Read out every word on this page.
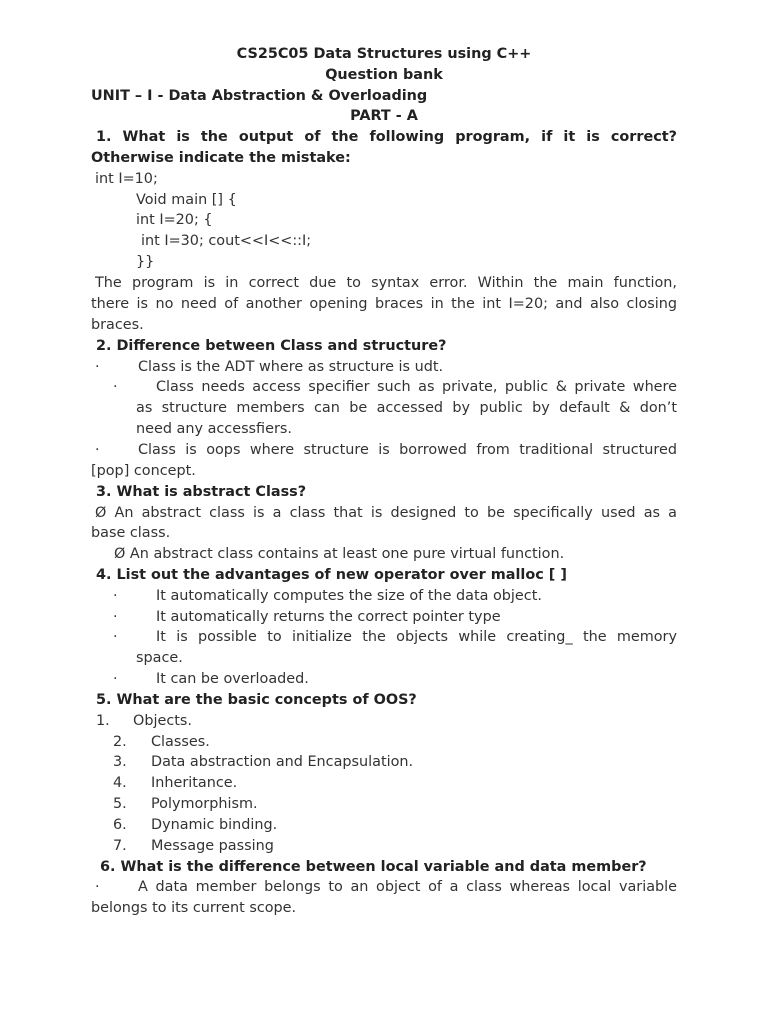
CS25C05 Data Structures using C++
Question bank
UNIT – I - Data Abstraction & Overloading
PART - A
1. What is the output of the following program, if it is correct?
Otherwise indicate the mistake:
int I=10;
Void main [] {
int I=20; {
int I=30; cout<<I<<::I;
}}
The program is in correct due to syntax error. Within the main function,
there is no need of another opening braces in the int I=20; and also closing
braces.
2. Difference between Class and structure?
·	Class is the ADT where as structure is udt.
·	Class needs access specifier such as private, public & private where
as structure members can be accessed by public by default & don’t
need any accessfiers.
·	Class is oops where structure is borrowed from traditional structured
[pop] concept.
3. What is abstract Class?
Ø An abstract class is a class that is designed to be specifically used as a
base class.
Ø An abstract class contains at least one pure virtual function.
4. List out the advantages of new operator over malloc [ ]
·	It automatically computes the size of the data object.
·	It automatically returns the correct pointer type
·	It is possible to initialize the objects while creating_ the memory
space.
·	It can be overloaded.
5. What are the basic concepts of OOS?
1. Objects.
2. Classes.
3. Data abstraction and Encapsulation.
4. Inheritance.
5. Polymorphism.
6. Dynamic binding.
7. Message passing
6. What is the difference between local variable and data member?
·	A data member belongs to an object of a class whereas local variable
belongs to its current scope.
